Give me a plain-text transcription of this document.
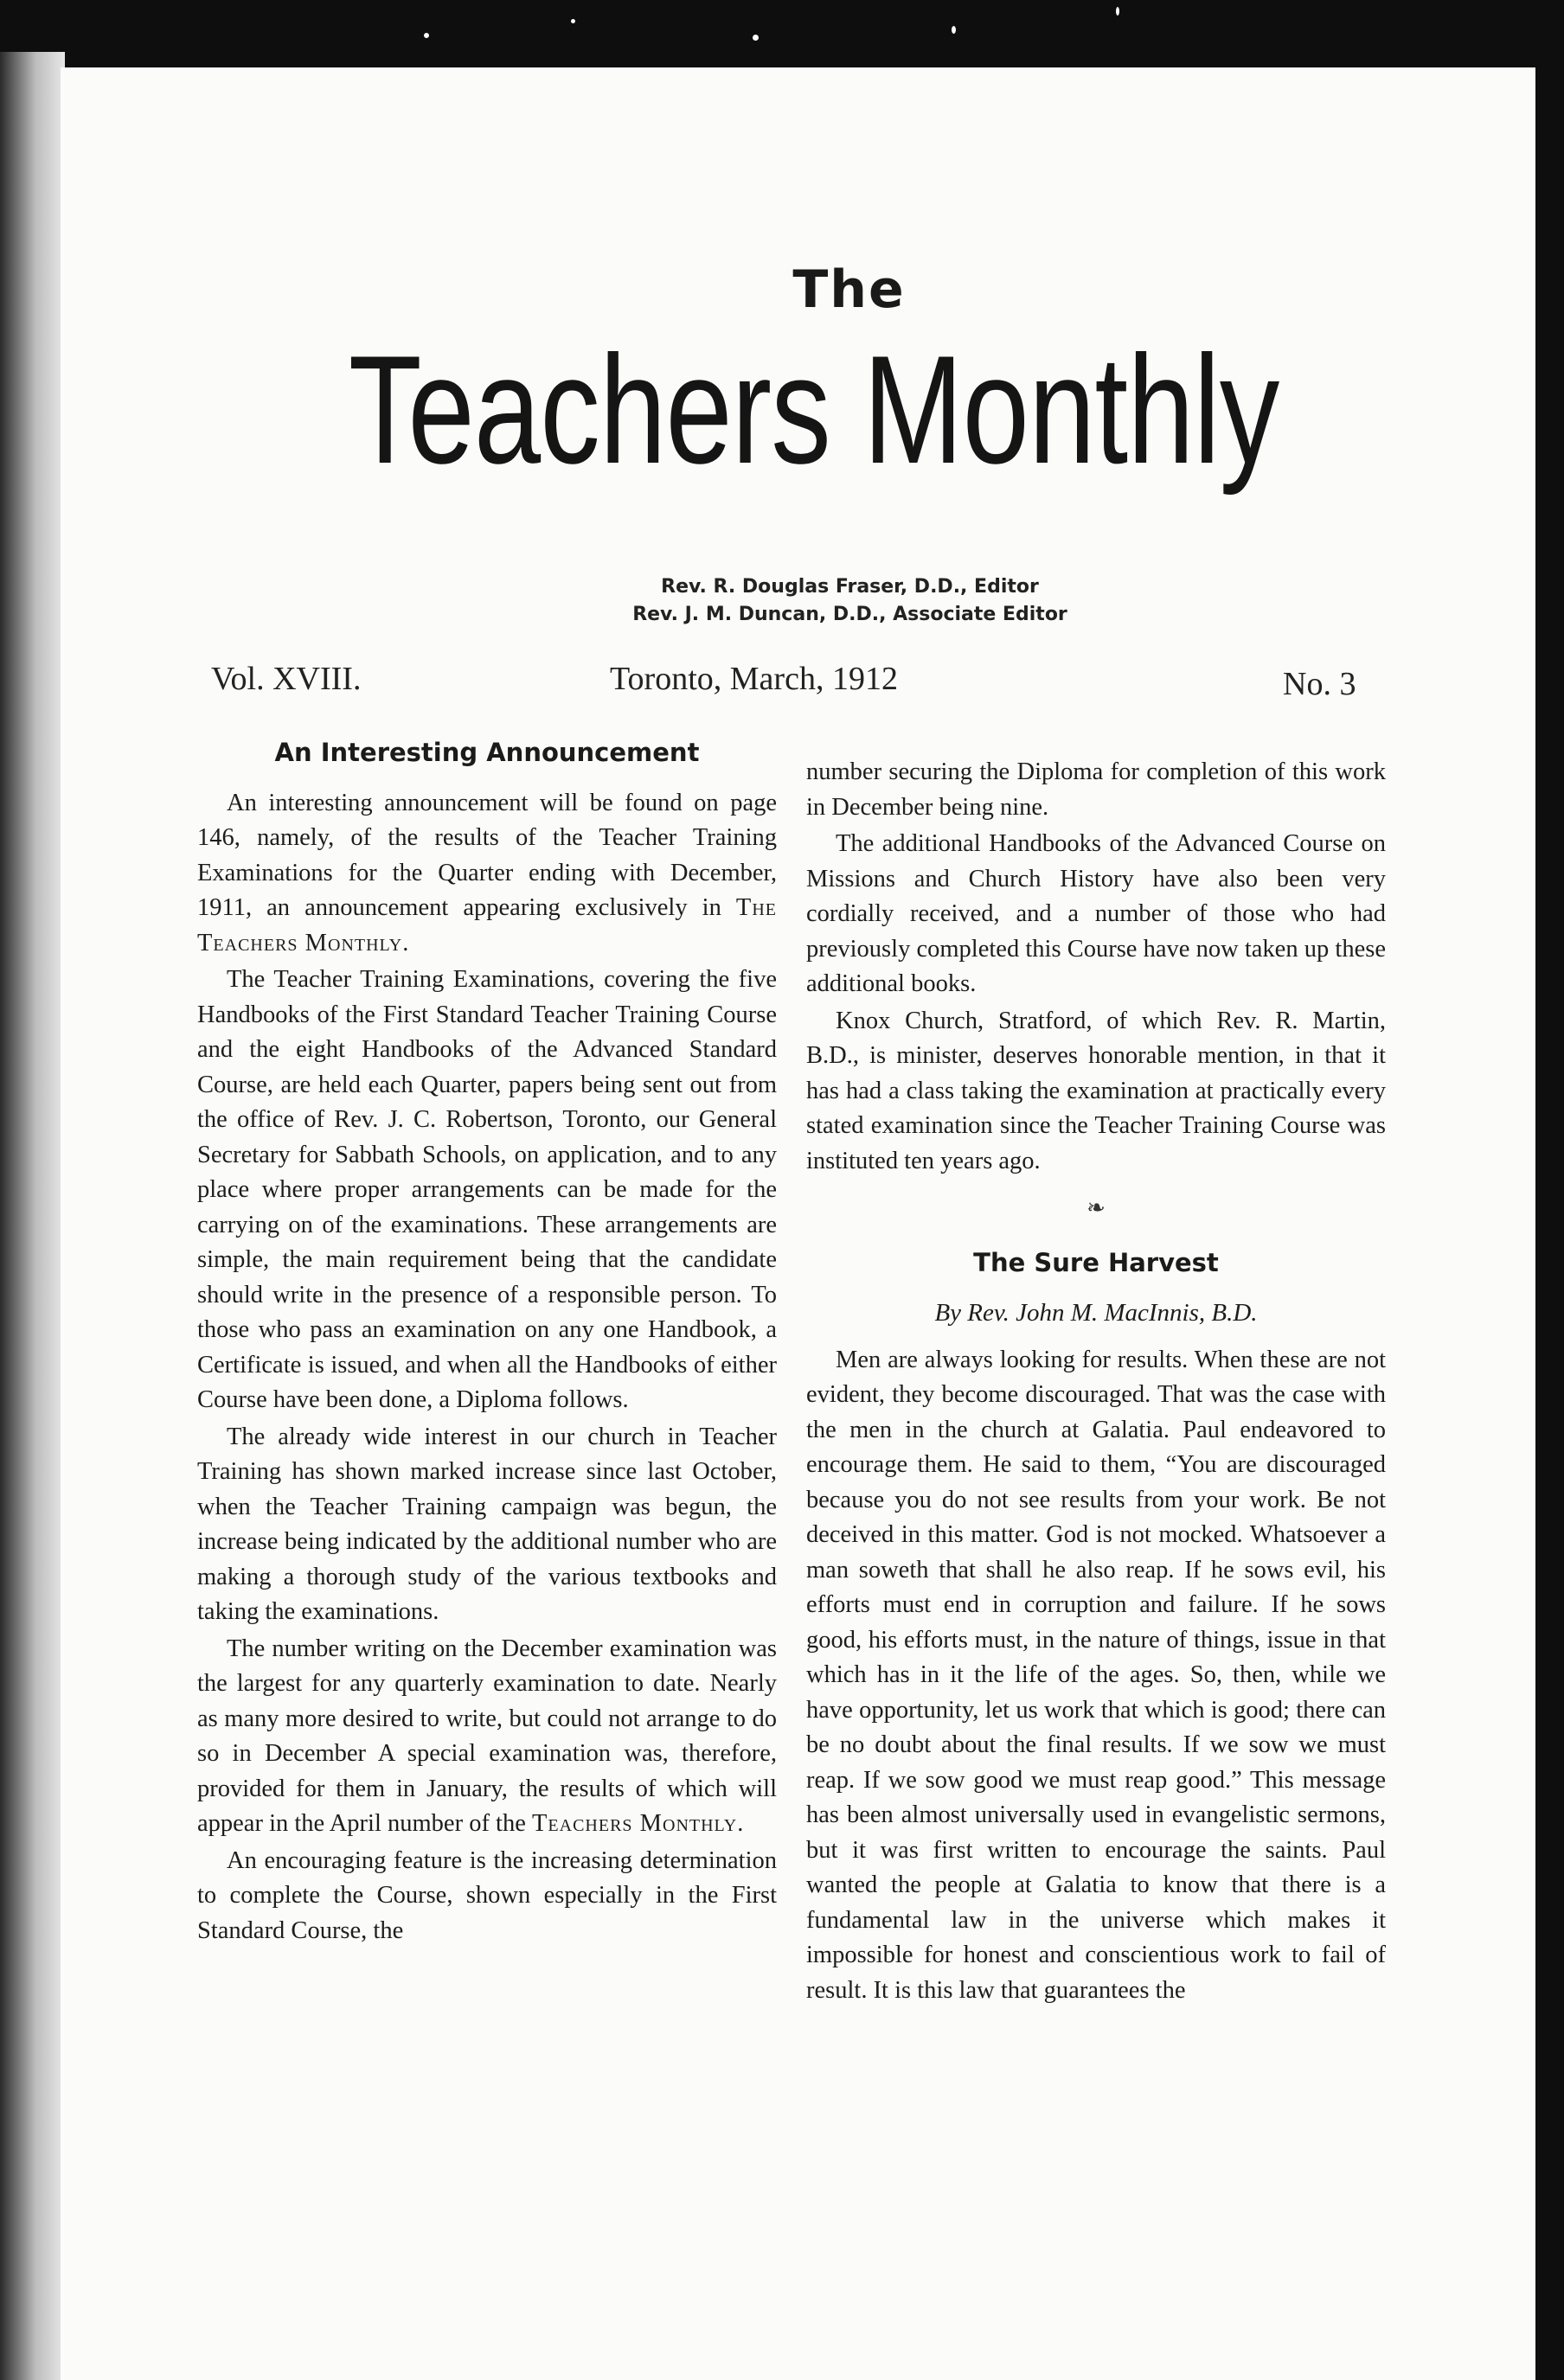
The
Teachers Monthly
Rev. R. Douglas Fraser, D.D., Editor
Rev. J. M. Duncan, D.D., Associate Editor
Vol. XVIII.	Toronto, March, 1912	No. 3
An Interesting Announcement

An interesting announcement will be found on page 146, namely, of the results of the Teacher Training Examinations for the Quarter ending with December, 1911, an announcement appearing exclusively in The Teachers Monthly.

The Teacher Training Examinations, covering the five Handbooks of the First Standard Teacher Training Course and the eight Handbooks of the Advanced Standard Course, are held each Quarter, papers being sent out from the office of Rev. J. C. Robertson, Toronto, our General Secretary for Sabbath Schools, on application, and to any place where proper arrangements can be made for the carrying on of the examinations. These arrangements are simple, the main requirement being that the candidate should write in the presence of a responsible person. To those who pass an examination on any one Handbook, a Certificate is issued, and when all the Handbooks of either Course have been done, a Diploma follows.

The already wide interest in our church in Teacher Training has shown marked increase since last October, when the Teacher Training campaign was begun, the increase being indicated by the additional number who are making a thorough study of the various textbooks and taking the examinations.

The number writing on the December examination was the largest for any quarterly examination to date. Nearly as many more desired to write, but could not arrange to do so in December A special examination was, therefore, provided for them in January, the results of which will appear in the April number of the Teachers Monthly.

An encouraging feature is the increasing determination to complete the Course, shown especially in the First Standard Course, the

number securing the Diploma for completion of this work in December being nine.

The additional Handbooks of the Advanced Course on Missions and Church History have also been very cordially received, and a number of those who had previously completed this Course have now taken up these additional books.

Knox Church, Stratford, of which Rev. R. Martin, B.D., is minister, deserves honorable mention, in that it has had a class taking the examination at practically every stated examination since the Teacher Training Course was instituted ten years ago.

❧
The Sure Harvest
By Rev. John M. MacInnis, B.D.

Men are always looking for results. When these are not evident, they become discouraged. That was the case with the men in the church at Galatia. Paul endeavored to encourage them. He said to them, “You are discouraged because you do not see results from your work. Be not deceived in this matter. God is not mocked. Whatsoever a man soweth that shall he also reap. If he sows evil, his efforts must end in corruption and failure. If he sows good, his efforts must, in the nature of things, issue in that which has in it the life of the ages. So, then, while we have opportunity, let us work that which is good; there can be no doubt about the final results. If we sow we must reap. If we sow good we must reap good.” This message has been almost universally used in evangelistic sermons, but it was first written to encourage the saints. Paul wanted the people at Galatia to know that there is a fundamental law in the universe which makes it impossible for honest and conscientious work to fail of result. It is this law that guarantees the
